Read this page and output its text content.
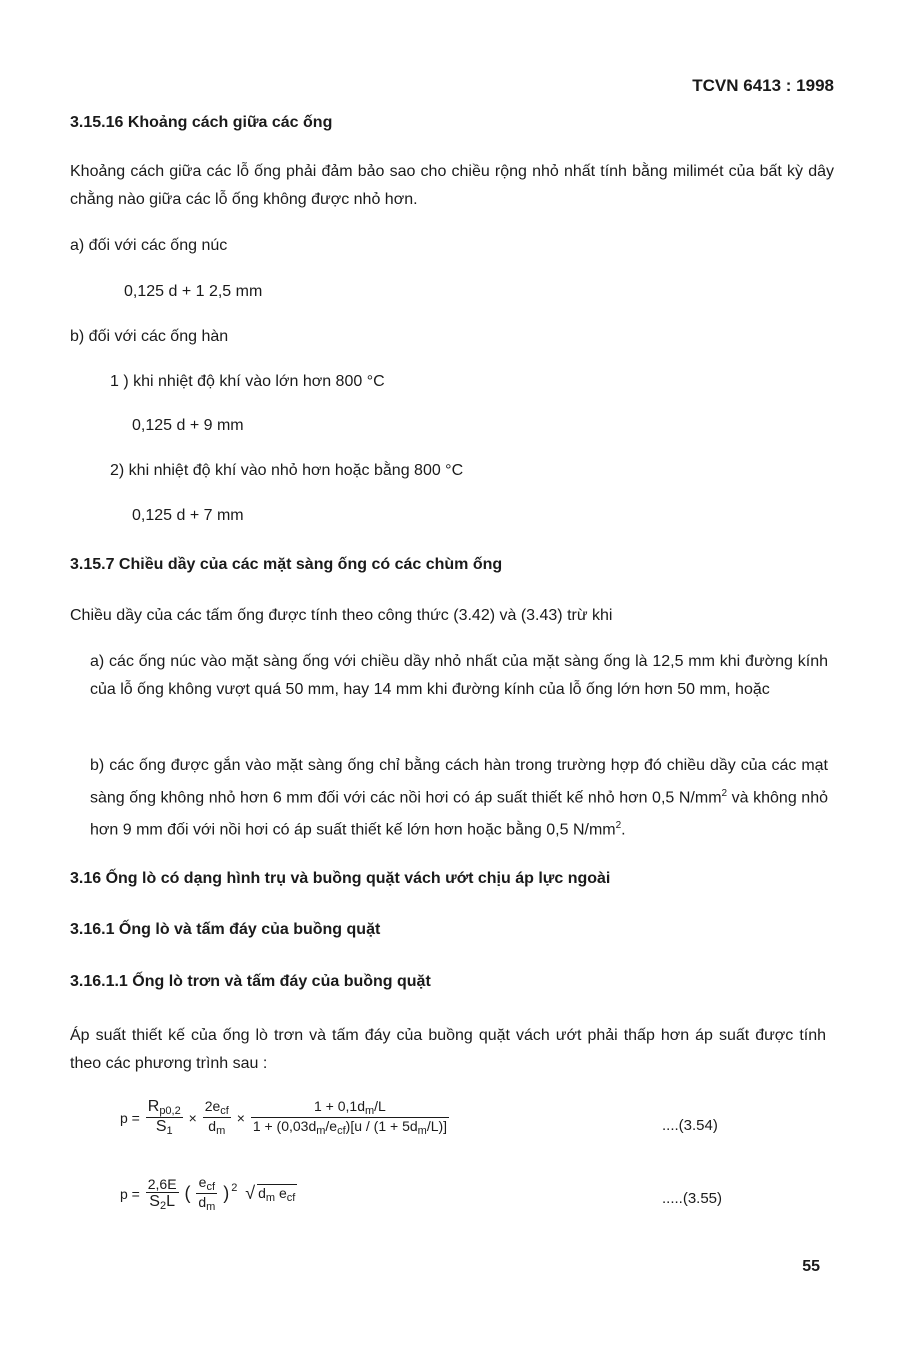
TCVN 6413 : 1998
3.15.16 Khoảng cách giữa các ống
Khoảng cách giữa các lỗ ống phải đảm bảo sao cho chiều rộng nhỏ nhất tính bằng milimét của bất kỳ dây chằng nào giữa các lỗ ống không được nhỏ hơn.
a) đối với các ống núc
0,125 d + 1 2,5 mm
b) đối với các ống hàn
1 ) khi nhiệt độ khí vào lớn hơn 800 °C
0,125 d + 9 mm
2) khi nhiệt độ khí vào nhỏ hơn hoặc bằng 800 °C
0,125 d + 7 mm
3.15.7 Chiều dầy của các mặt sàng ống có các chùm ống
Chiều dầy của các tấm ống được tính theo công thức (3.42) và (3.43) trừ khi
a) các ống núc vào mặt sàng ống với chiều dầy nhỏ nhất của mặt sàng ống là 12,5 mm khi đường kính của lỗ ống không vượt quá 50 mm, hay 14 mm khi đường kính của lỗ ống lớn hơn 50 mm, hoặc
b) các ống được gắn vào mặt sàng ống chỉ bằng cách hàn trong trường hợp đó chiều dầy của các mạt sàng ống không nhỏ hơn 6 mm đối với các nồi hơi có áp suất thiết kế nhỏ hơn 0,5 $N/mm^2$ và không nhỏ hơn 9 mm đối với nồi hơi có áp suất thiết kế lớn hơn hoặc bằng 0,5 $N/mm^2$.
3.16 Ống lò có dạng hình trụ và buồng quặt vách ướt chịu áp lực ngoài
3.16.1 Ống lò và tấm đáy của buồng quặt
3.16.1.1 Ống lò trơn và tấm đáy của buồng quặt
Áp suất thiết kế của ống lò trơn và tấm đáy của buồng quặt vách ướt phải thấp hơn áp suất được tính theo các phương trình sau :
$p = \frac{R_{p0,2}}{S_1} \times \frac{2e_{cf}}{d_m} \times \frac{1 + 0,1d_m/L}{1 + (0,03d_m/e_{cf})[u / (1 + 5d_m/L)]}$	....(3.54)
$p = \frac{2,6E}{S_2L}$ ( $\frac{e_{cf}}{d_m}$ ) $^2$ √ $d_m$ $e_{cf}$	.....(3.55)
55
